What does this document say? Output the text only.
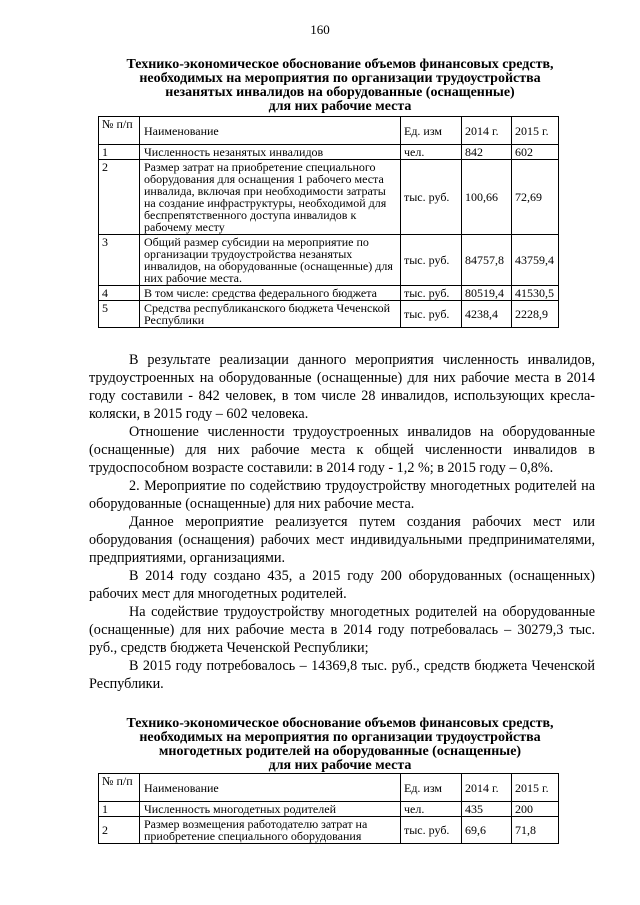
160
Технико-экономическое обоснование объемов финансовых средств,
необходимых на мероприятия по организации трудоустройства
незанятых инвалидов на оборудованные (оснащенные)
для них рабочие места
№ п/п	Наименование	Ед. изм	2014 г.	2015 г.
1	Численность незанятых инвалидов	чел.	842	602
2	Размер затрат на приобретение специального оборудования для оснащения 1 рабочего места инвалида, включая при необходимости затраты на создание инфраструктуры, необходимой для беспрепятственного доступа инвалидов к рабочему месту	тыс. руб.	100,66	72,69
3	Общий размер субсидии на мероприятие по организации трудоустройства незанятых инвалидов, на оборудованные (оснащенные) для них рабочие места.	тыс. руб.	84757,8	43759,4
4	В том числе: средства федерального бюджета	тыс. руб.	80519,4	41530,5
5	Средства республиканского бюджета Чеченской Республики	тыс. руб.	4238,4	2228,9

В результате реализации данного мероприятия численность инвалидов, трудоустроенных на оборудованные (оснащенные) для них рабочие места в 2014 году составили - 842 человек, в том числе 28 инвалидов, использующих кресла-коляски, в 2015 году – 602 человека.

Отношение численности трудоустроенных инвалидов на оборудованные (оснащенные) для них рабочие места к общей численности инвалидов в трудоспособном возрасте составили: в 2014 году - 1,2 %; в 2015 году – 0,8%.

2. Мероприятие по содействию трудоустройству многодетных родителей на оборудованные (оснащенные) для них рабочие места.

Данное мероприятие реализуется путем создания рабочих мест или оборудования (оснащения) рабочих мест индивидуальными предпринимателями, предприятиями, организациями.

В 2014 году создано 435, а 2015 году 200 оборудованных (оснащенных) рабочих мест для многодетных родителей.

На содействие трудоустройству многодетных родителей на оборудованные (оснащенные) для них рабочие места в 2014 году потребовалась – 30279,3 тыс. руб., средств бюджета Чеченской Республики;

В 2015 году потребовалось – 14369,8 тыс. руб., средств бюджета Чеченской Республики.

Технико-экономическое обоснование объемов финансовых средств,
необходимых на мероприятия по организации трудоустройства
многодетных родителей на оборудованные (оснащенные)
для них рабочие места
№ п/п	Наименование	Ед. изм	2014 г.	2015 г.
1	Численность многодетных родителей	чел.	435	200
2	Размер возмещения работодателю затрат на приобретение специального оборудования	тыс. руб.	69,6	71,8
